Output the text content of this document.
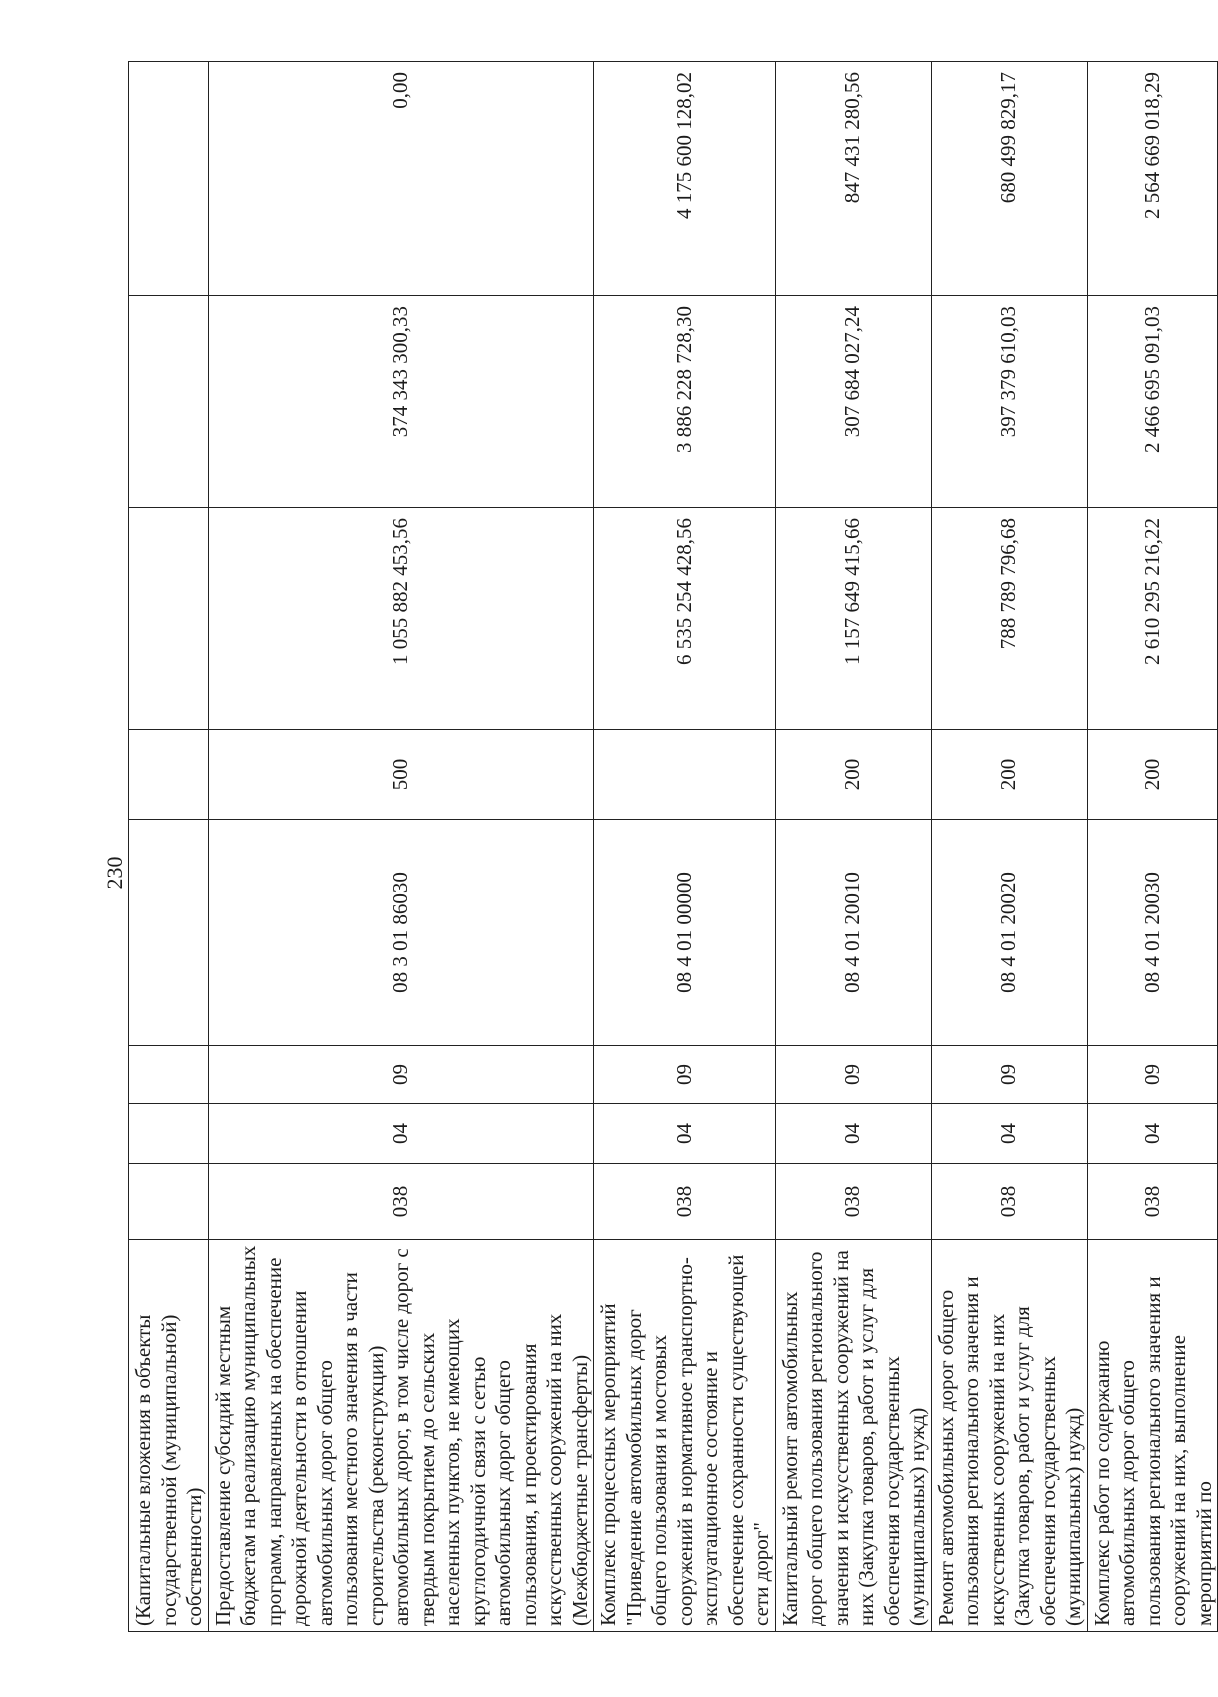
230
(Капитальные вложения в объекты государственной (муниципальной) собственности)								
Предоставление субсидий местным бюджетам на реализацию муниципальных программ, направленных на обеспечение дорожной деятельности в отношении автомобильных дорог общего пользования местного значения в части строительства (реконструкции) автомобильных дорог, в том числе дорог с твердым покрытием до сельских населенных пунктов, не имеющих круглогодичной связи с сетью автомобильных дорог общего пользования, и проектирования искусственных сооружений на них (Межбюджетные трансферты)	038	04	09	08 3 01 86030	500	1 055 882 453,56	374 343 300,33	0,00
Комплекс процессных мероприятий "Приведение автомобильных дорог общего пользования и мостовых сооружений в нормативное транспортно-эксплуатационное состояние и обеспечение сохранности существующей сети дорог"	038	04	09	08 4 01 00000		6 535 254 428,56	3 886 228 728,30	4 175 600 128,02
Капитальный ремонт автомобильных дорог общего пользования регионального значения и искусственных сооружений на них (Закупка товаров, работ и услуг для обеспечения государственных (муниципальных) нужд)	038	04	09	08 4 01 20010	200	1 157 649 415,66	307 684 027,24	847 431 280,56
Ремонт автомобильных дорог общего пользования регионального значения и искусственных сооружений на них (Закупка товаров, работ и услуг для обеспечения государственных (муниципальных) нужд)	038	04	09	08 4 01 20020	200	788 789 796,68	397 379 610,03	680 499 829,17
Комплекс работ по содержанию автомобильных дорог общего пользования регионального значения и сооружений на них, выполнение мероприятий по	038	04	09	08 4 01 20030	200	2 610 295 216,22	2 466 695 091,03	2 564 669 018,29
